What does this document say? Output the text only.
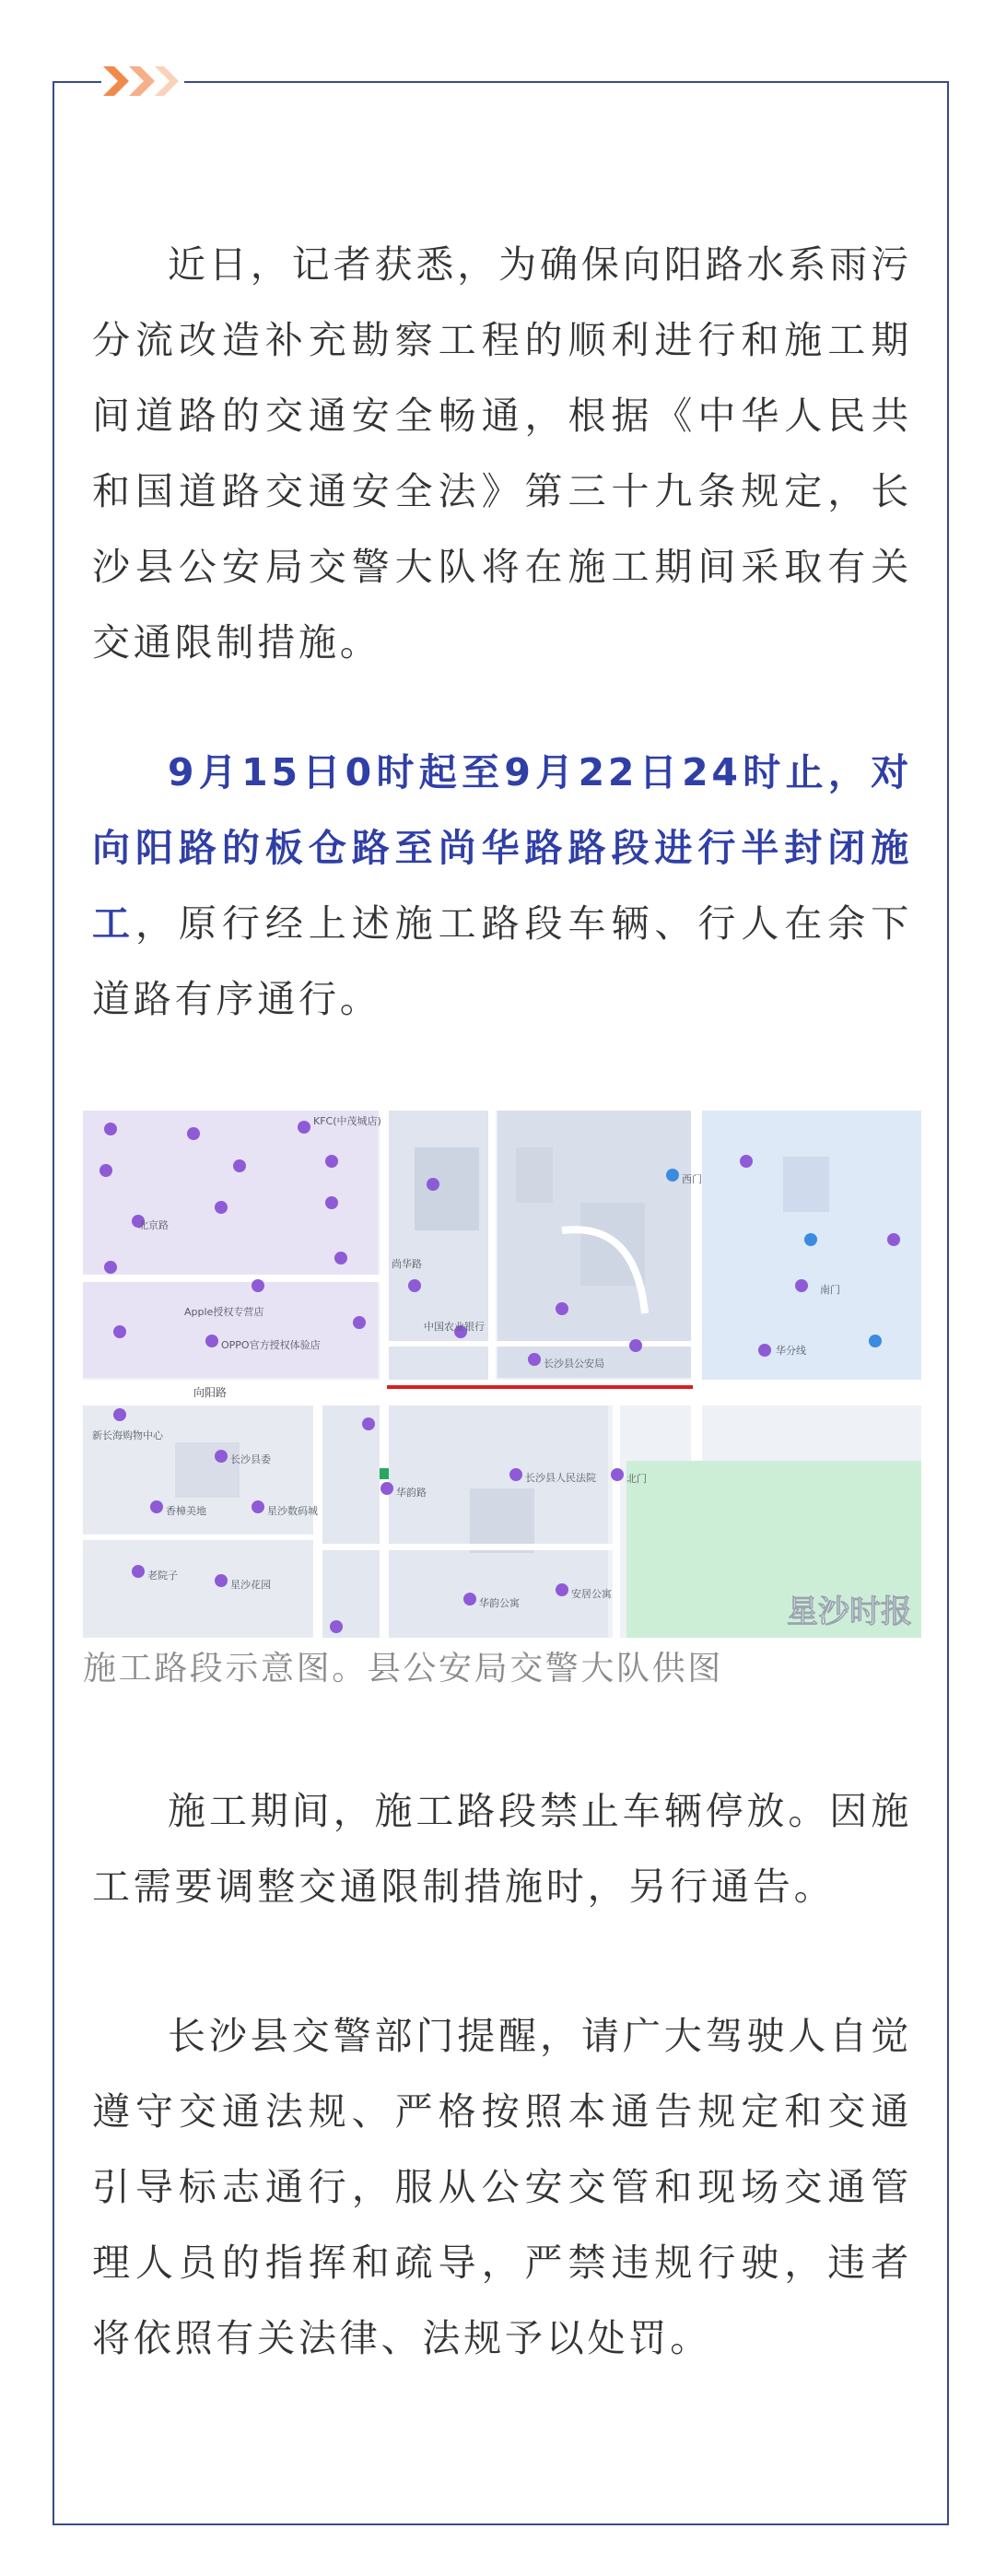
近日，记者获悉，为确保向阳路水系雨污分流改造补充勘察工程的顺利进行和施工期间道路的交通安全畅通，根据《中华人民共和国道路交通安全法》第三十九条规定，长沙县公安局交警大队将在施工期间采取有关交通限制措施。

9月15日0时起至9月22日24时止，对向阳路的板仓路至尚华路路段进行半封闭施工，原行经上述施工路段车辆、行人在余下道路有序通行。

KFC(中茂城店)
Apple授权专营店
OPPO官方授权体验店
中国农业银行
西门
南门
华分线
北门
华韵路
新长海购物中心
长沙县委
香樟美地	星沙数码城
老院子
长沙县人民法院
华韵公寓
安居公寓
星沙花园
北京路
尚华路
长沙县公安局
向阳路
星沙时报

施工路段示意图。县公安局交警大队供图

施工期间，施工路段禁止车辆停放。因施工需要调整交通限制措施时，另行通告。

长沙县交警部门提醒，请广大驾驶人自觉遵守交通法规、严格按照本通告规定和交通引导标志通行，服从公安交管和现场交通管理人员的指挥和疏导，严禁违规行驶，违者将依照有关法律、法规予以处罚。
